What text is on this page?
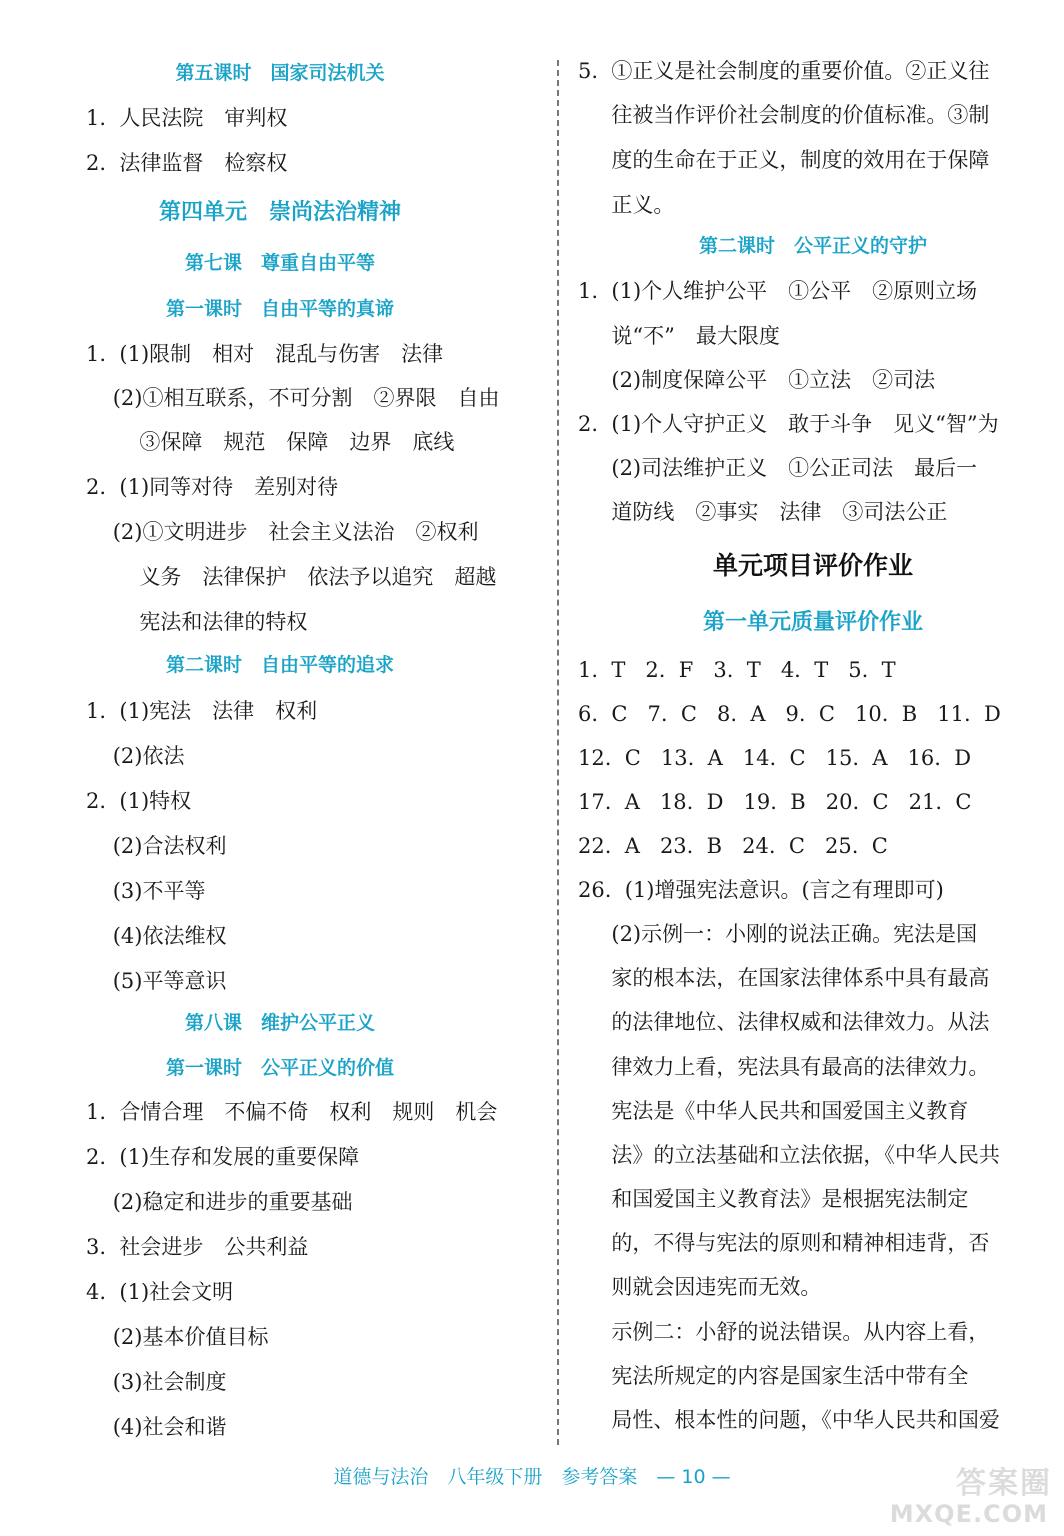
第五课时　国家司法机关
1.  人民法院　审判权
2.  法律监督　检察权
第四单元　崇尚法治精神
第七课　尊重自由平等
第一课时　自由平等的真谛
1.  (1)限制　相对　混乱与伤害　法律
(2)①相互联系，不可分割　②界限　自由
③保障　规范　保障　边界　底线
2.  (1)同等对待　差别对待
(2)①文明进步　社会主义法治　②权利
义务　法律保护　依法予以追究　超越
宪法和法律的特权
第二课时　自由平等的追求
1.  (1)宪法　法律　权利
(2)依法
2.  (1)特权
(2)合法权利
(3)不平等
(4)依法维权
(5)平等意识
第八课　维护公平正义
第一课时　公平正义的价值
1.  合情合理　不偏不倚　权利　规则　机会
2.  (1)生存和发展的重要保障
(2)稳定和进步的重要基础
3.  社会进步　公共利益
4.  (1)社会文明
(2)基本价值目标
(3)社会制度
(4)社会和谐
5.  ①正义是社会制度的重要价值。②正义往
往被当作评价社会制度的价值标准。③制
度的生命在于正义，制度的效用在于保障
正义。
第二课时　公平正义的守护
1.  (1)个人维护公平　①公平　②原则立场
说“不”　最大限度
(2)制度保障公平　①立法　②司法
2.  (1)个人守护正义　敢于斗争　见义“智”为
(2)司法维护正义　①公正司法　最后一
道防线　②事实　法律　③司法公正
单元项目评价作业
第一单元质量评价作业
1.  T   2.  F   3.  T   4.  T   5.  T
6.  C   7.  C   8.  A   9.  C   10.  B   11.  D
12.  C   13.  A   14.  C   15.  A   16.  D
17.  A   18.  D   19.  B   20.  C   21.  C
22.  A   23.  B   24.  C   25.  C
26.  (1)增强宪法意识。(言之有理即可)
(2)示例一：小刚的说法正确。宪法是国
家的根本法，在国家法律体系中具有最高
的法律地位、法律权威和法律效力。从法
律效力上看，宪法具有最高的法律效力。
宪法是《中华人民共和国爱国主义教育
法》的立法基础和立法依据，《中华人民共
和国爱国主义教育法》是根据宪法制定
的，不得与宪法的原则和精神相违背，否
则就会因违宪而无效。
示例二：小舒的说法错误。从内容上看，
宪法所规定的内容是国家生活中带有全
局性、根本性的问题，《中华人民共和国爱
道德与法治　八年级下册　参考答案　— 10 —	答案圈
MXQE.COM
